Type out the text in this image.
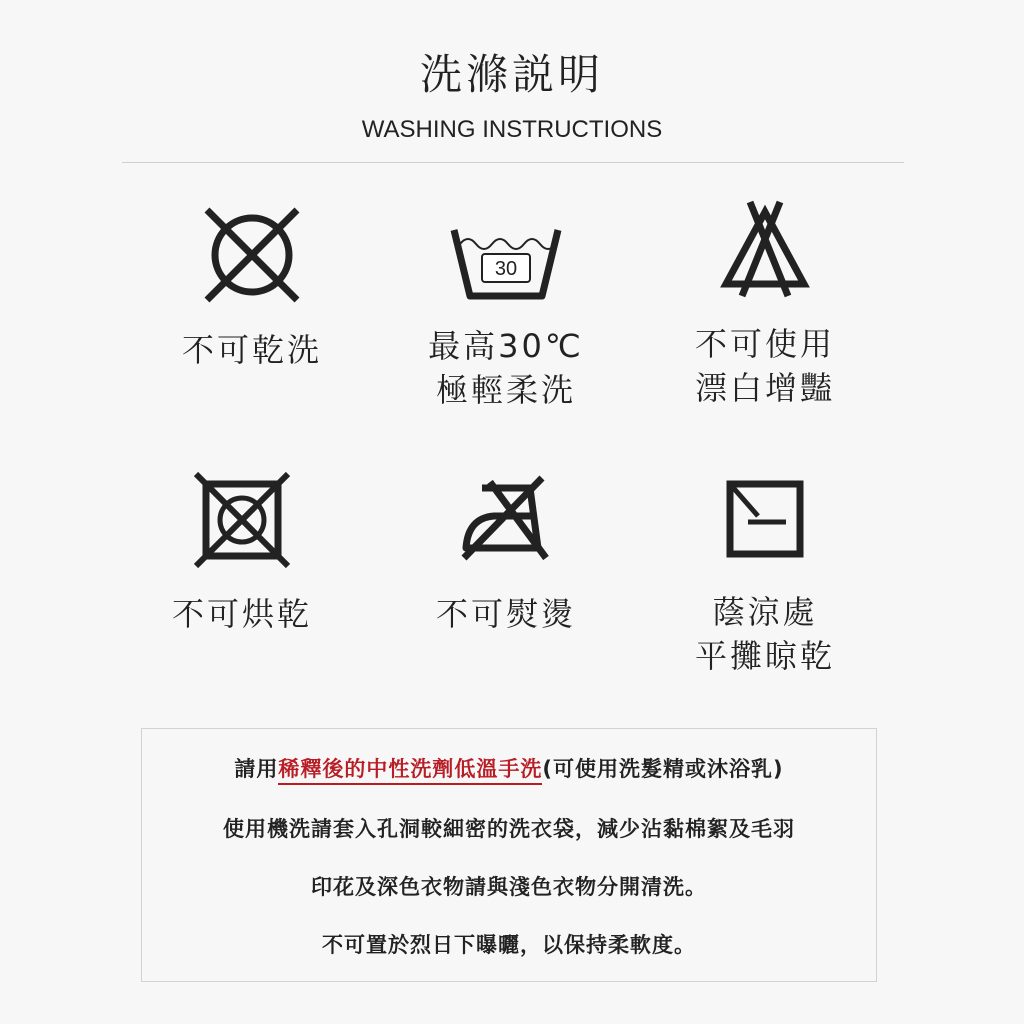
洗滌説明
WASHING INSTRUCTIONS
不可乾洗
30
最高30℃
極輕柔洗
不可使用
漂白增豔
不可烘乾	不可熨燙	蔭涼處
平攤晾乾
請用稀釋後的中性洗劑低溫手洗(可使用洗髮精或沐浴乳)
使用機洗請套入孔洞較細密的洗衣袋，減少沾黏棉絮及毛羽
印花及深色衣物請與淺色衣物分開清洗。
不可置於烈日下曝曬，以保持柔軟度。
